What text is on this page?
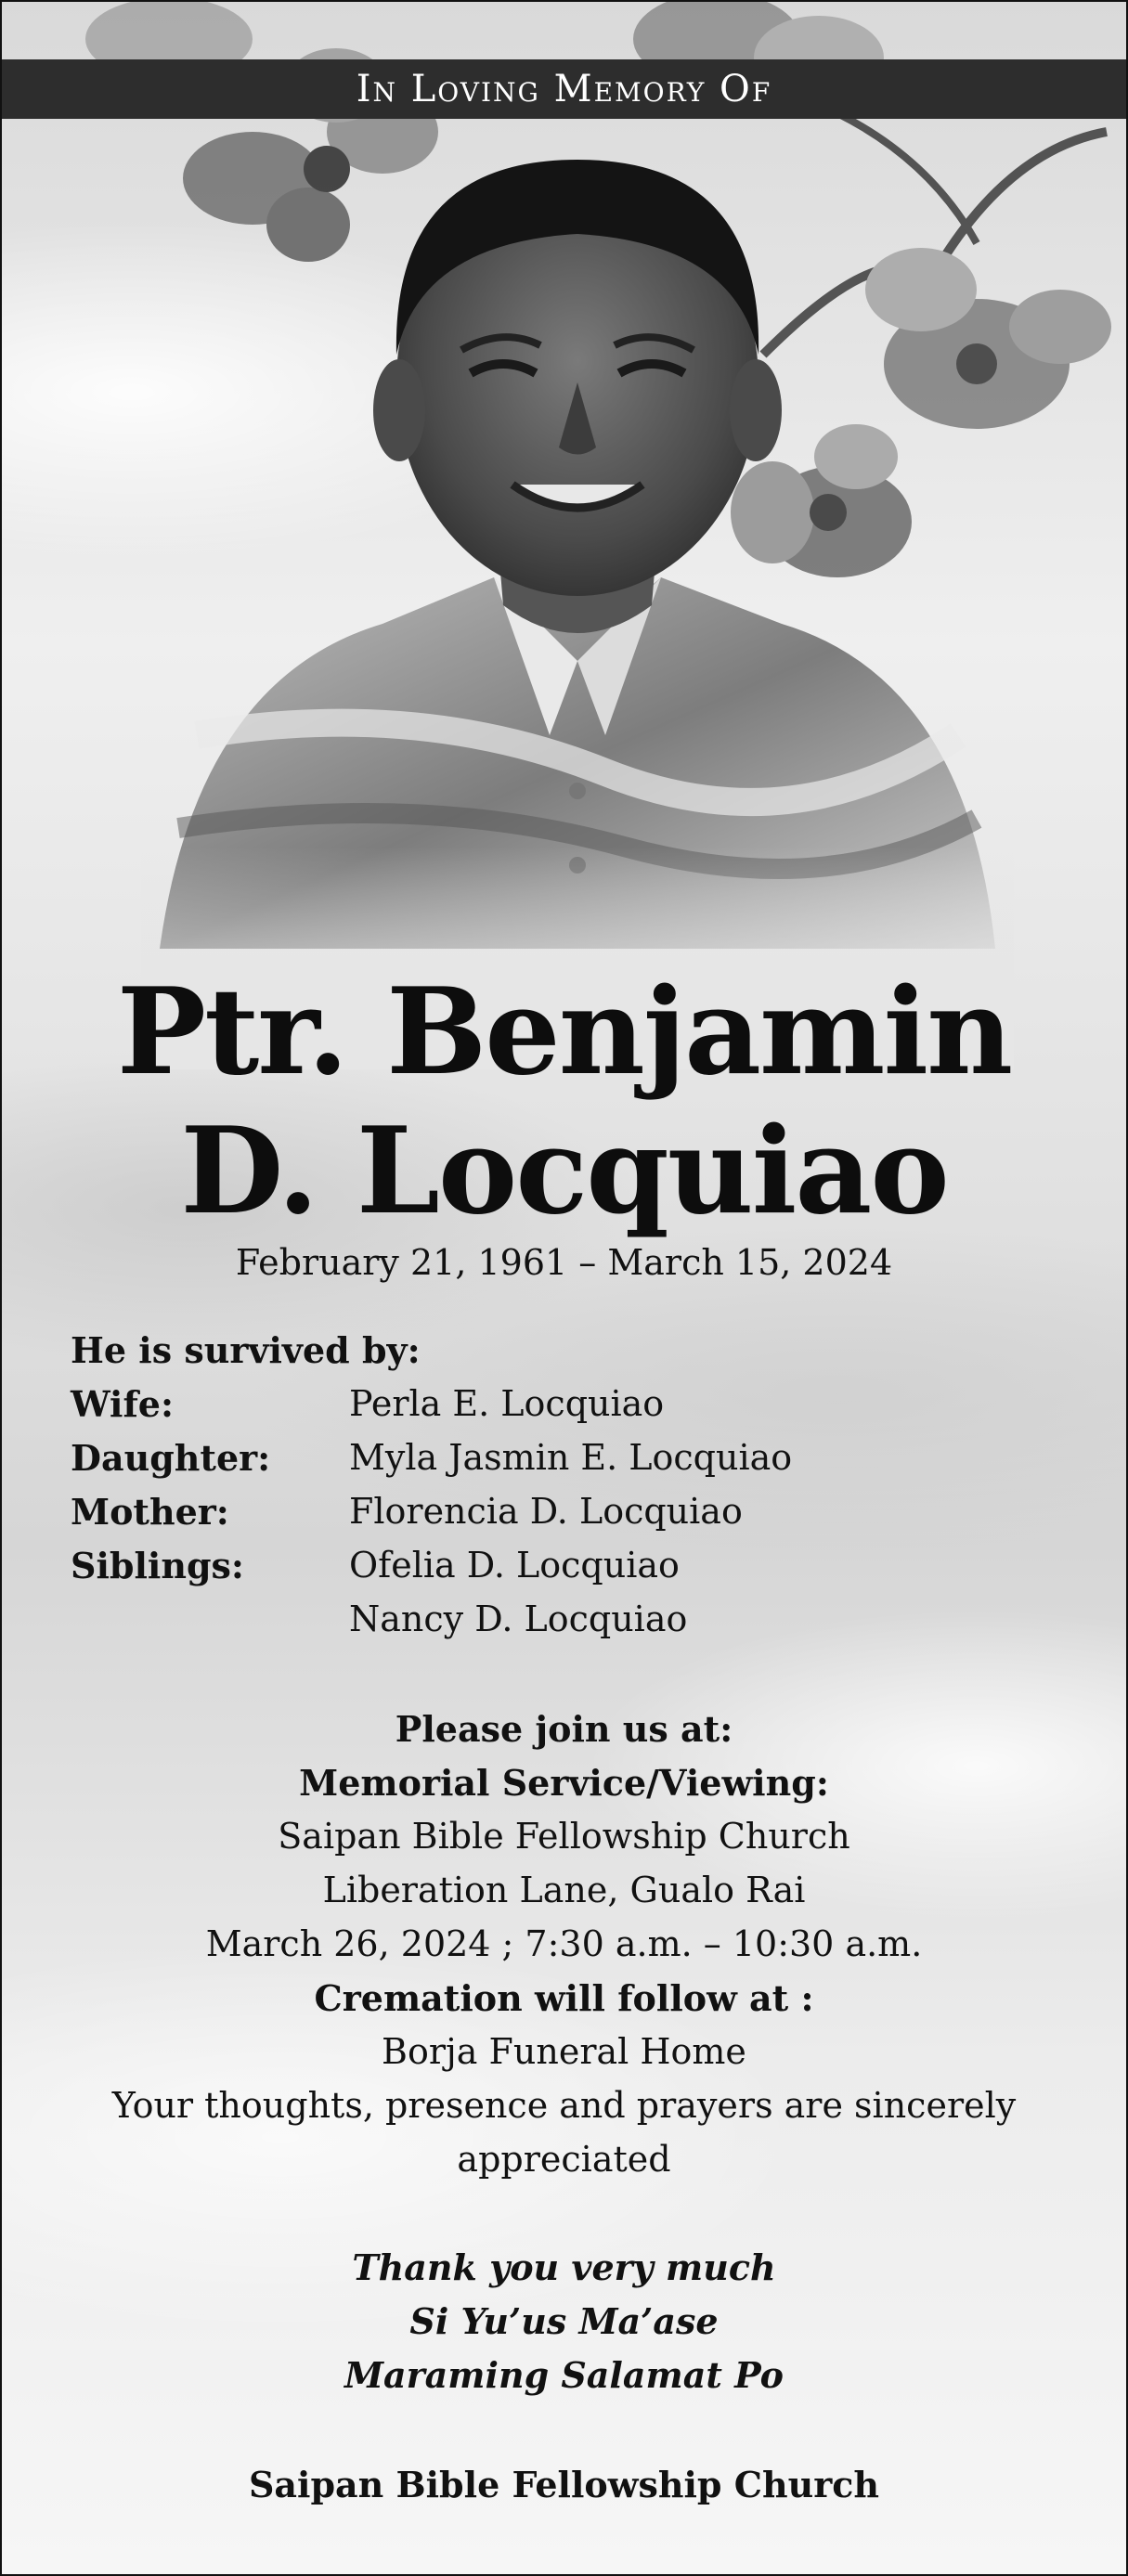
In Loving Memory Of
Ptr. Benjamin
D. Locquiao
February 21, 1961 – March 15, 2024
He is survived by:
Wife:	Perla E. Locquiao
Daughter: Myla Jasmin E. Locquiao
Mother:	Florencia D. Locquiao
Siblings:	Ofelia D. Locquiao
Nancy D. Locquiao
Please join us at:
Memorial Service/Viewing:
Saipan Bible Fellowship Church
Liberation Lane, Gualo Rai
March 26, 2024 ; 7:30 a.m. – 10:30 a.m.
Cremation will follow at :
Borja Funeral Home
Your thoughts, presence and prayers are sincerely
appreciated
Thank you very much
Si Yu’us Ma’ase
Maraming Salamat Po
Saipan Bible Fellowship Church
